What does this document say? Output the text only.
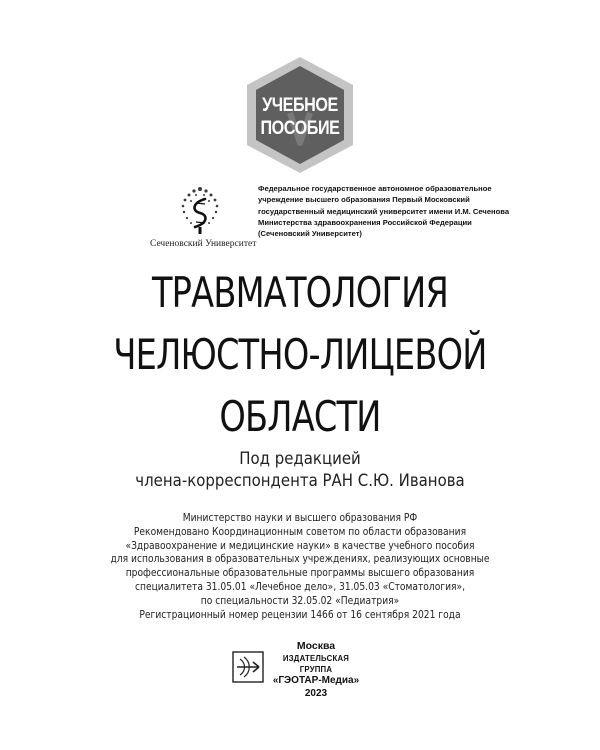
УЧЕБНОЕ
ПОСОБИЕ
Сеченовский Университет
Федеральное государственное автономное образовательное
учреждение высшего образования Первый Московский
государственный медицинский университет имени И.М. Сеченова
Министерства здравоохранения Российской Федерации
(Сеченовский Университет)
ТРАВМАТОЛОГИЯ
ЧЕЛЮСТНО-ЛИЦЕВОЙ
ОБЛАСТИ
Под редакцией
члена-корреспондента РАН С.Ю. Иванова
Министерство науки и высшего образования РФ
Рекомендовано Координационным советом по области образования
«Здравоохранение и медицинские науки» в качестве учебного пособия
для использования в образовательных учреждениях, реализующих основные
профессиональные образовательные программы высшего образования
специалитета 31.05.01 «Лечебное дело», 31.05.03 «Стоматология»,
по специальности 32.05.02 «Педиатрия»
Регистрационный номер рецензии 1466 от 16 сентября 2021 года
Москва
ИЗДАТЕЛЬСКАЯ ГРУППА
«ГЭОТАР-Медиа»
2023
